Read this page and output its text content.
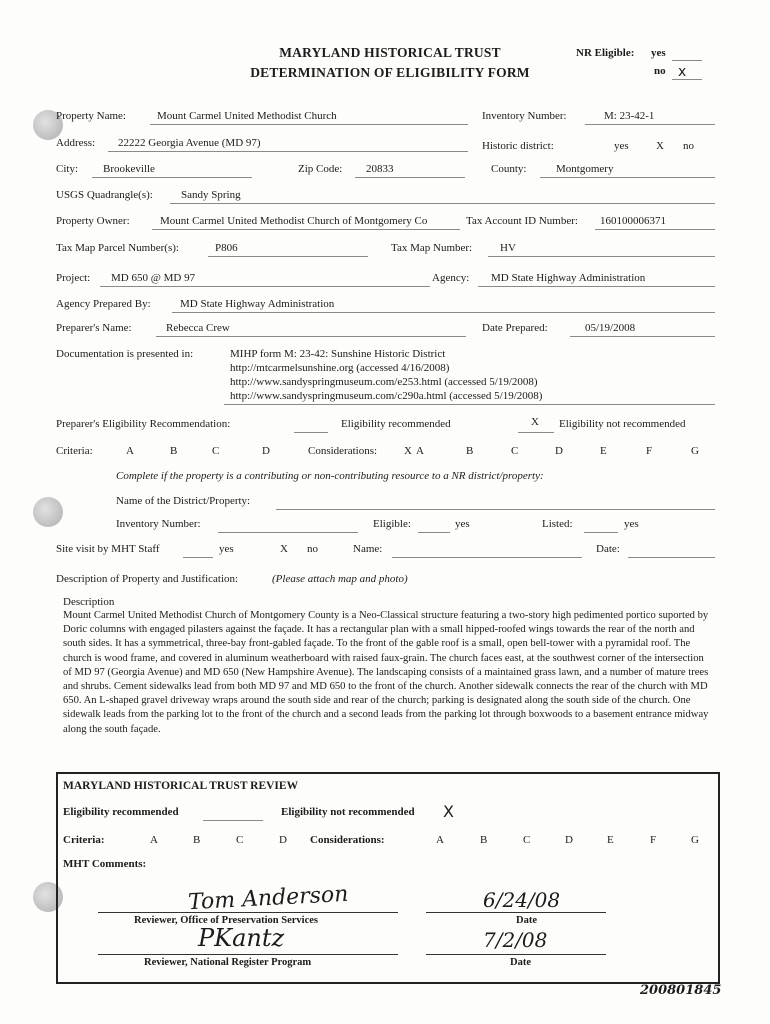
MARYLAND HISTORICAL TRUST
DETERMINATION OF ELIGIBILITY FORM
NR Eligible: yes
no x
Property Name:	Mount Carmel United Methodist Church	Inventory Number:	M: 23-42-1
Address: 22222 Georgia Avenue (MD 97)	Historic district:	yes X no
City: Brookeville	Zip Code: 20833	County:	Montgomery
USGS Quadrangle(s):	Sandy Spring
Property Owner:	Mount Carmel United Methodist Church of Montgomery Co	Tax Account ID Number: 160100006371
Tax Map Parcel Number(s):	P806	Tax Map Number:	HV
Project: MD 650 @ MD 97	Agency: MD State Highway Administration
Agency Prepared By:	MD State Highway Administration
Preparer's Name:	Rebecca Crew	Date Prepared:	05/19/2008
Documentation is presented in:	MIHP form M: 23-42: Sunshine Historic District
http://mtcarmelsunshine.org (accessed 4/16/2008)
http://www.sandyspringmuseum.com/e253.html (accessed 5/19/2008)
http://www.sandyspringmuseum.com/c290a.html (accessed 5/19/2008)
Preparer's Eligibility Recommendation:	Eligibility recommended	X Eligibility not recommended
Criteria:	A	B	C	D	Considerations: X A	B	C	D	E	F	G
Complete if the property is a contributing or non-contributing resource to a NR district/property:
Name of the District/Property:
Inventory Number:	Eligible:	yes	Listed:	yes
Site visit by MHT Staff	yes	X no	Name:	Date:
Description of Property and Justification:	(Please attach map and photo)
Description
Mount Carmel United Methodist Church of Montgomery County is a Neo-Classical structure featuring a two-story high pedimented portico suported by Doric columns with engaged pilasters against the façade. It has a rectangular plan with a small hipped-roofed wings towards the rear of the north and south sides. It has a symmetrical, three-bay front-gabled façade. To the front of the gable roof is a small, open bell-tower with a pyramidal roof. The church is wood frame, and covered in aluminum weatherboard with raised faux-grain. The church faces east, at the southwest corner of the intersection of MD 97 (Georgia Avenue) and MD 650 (New Hampshire Avenue). The landscaping consists of a maintained grass lawn, and a number of mature trees and shrubs. Cement sidewalks lead from both MD 97 and MD 650 to the front of the church. Another sidewalk connects the rear of the church with MD 650. An L-shaped gravel driveway wraps around the south side and rear of the church; parking is designated along the south side of the church. One sidewalk leads from the parking lot to the front of the church and a second leads from the parking lot through boxwoods to a basement entrance midway along the south façade.
MARYLAND HISTORICAL TRUST REVIEW
Eligibility recommended	Eligibility not recommended X
Criteria:	A	B	C	D Considerations:	A	B	C	D	E	F	G
MHT Comments:
Tom Anderson
Reviewer, Office of Preservation Services
6/24/08
Date
PKantz
Reviewer, National Register Program
7/2/08
Date
200801845
